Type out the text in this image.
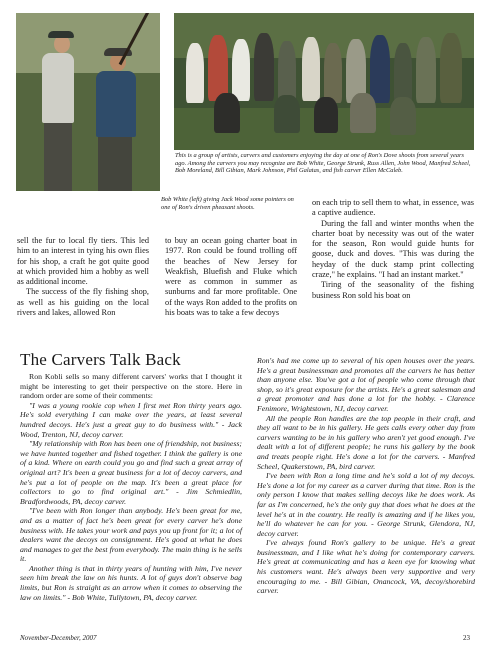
This is a group of artists, carvers and customers enjoying the day at one of Ron's Dove shoots from several years ago. Among the carvers you may recognize are Bob White, George Strunk, Russ Allen, John Wood, Manfred Scheel, Bob Moreland, Bill Gibian, Mark Johnson, Phil Galatas, and fish carver Ellen McCaleb.
Bob White (left) giving Jack Wood some pointers on one of Ron's driven pheasant shoots.

sell the fur to local fly tiers. This led him to an interest in tying his own flies for his shop, a craft he got quite good at which provided him a hobby as well as additional income.

The success of the fly fishing shop, as well as his guiding on the local rivers and lakes, allowed Ron

to buy an ocean going charter boat in 1977. Ron could be found trolling off the beaches of New Jersey for Weakfish, Bluefish and Fluke which were as common in summer as sunburns and far more profitable. One of the ways Ron added to the profits on his boats was to take a few decoys

on each trip to sell them to what, in essence, was a captive audience.

During the fall and winter months when the charter boat by necessity was out of the water for the season, Ron would guide hunts for goose, duck and doves. "This was during the heyday of the duck stamp print collecting craze," he explains. "I had an instant market."

Tiring of the seasonality of the fishing business Ron sold his boat on

The Carvers Talk Back

Ron Kobli sells so many different carvers' works that I thought it might be interesting to get their perspective on the store. Here in random order are some of their comments:

"I was a young rookie cop when I first met Ron thirty years ago. He's sold everything I can make over the years, at least several hundred decoys. He's just a great guy to do business with." - Jack Wood, Trenton, NJ, decoy carver.

"My relationship with Ron has been one of friendship, not business; we have hunted together and fished together. I think the gallery is one of a kind. Where on earth could you go and find such a great array of original art? It's been a great business for a lot of decoy carvers, and he's put a lot of people on the map. It's been a great place for collectors to go to find original art." - Jim Schmiedlin, Bradfordwoods, PA, decoy carver.

"I've been with Ron longer than anybody. He's been great for me, and as a matter of fact he's been great for every carver he's done business with. He takes your work and pays you up front for it; a lot of dealers want the decoys on consignment. He's good at what he does and manages to get the best from everybody. The main thing is he sells it.

Another thing is that in thirty years of hunting with him, I've never seen him break the law on his hunts. A lot of guys don't observe bag limits, but Ron is straight as an arrow when it comes to observing the law on limits." - Bob White, Tullytown, PA, decoy carver.

Ron's had me come up to several of his open houses over the years. He's a great businessman and promotes all the carvers he has better than anyone else. You've got a lot of people who come through that shop, so it's great exposure for the artists. He's a great salesman and a great promoter and has done a lot for the hobby. - Clarence Fenimore, Wrightstown, NJ, decoy carver.

All the people Ron handles are the top people in their craft, and they all want to be in his gallery. He gets calls every other day from carvers wanting to be in his gallery who aren't yet good enough. I've dealt with a lot of different people; he runs his gallery by the book and treats people right. He's done a lot for the carvers. - Manfred Scheel, Quakerstown, PA, bird carver.

I've been with Ron a long time and he's sold a lot of my decoys. He's done a lot for my career as a carver during that time. Ron is the only person I know that makes selling decoys like he does work. As far as I'm concerned, he's the only guy that does what he does at the level he's at in the country. He really is amazing and if he likes you, he'll do whatever he can for you. - George Strunk, Glendora, NJ, decoy carver.

I've always found Ron's gallery to be unique. He's a great businessman, and I like what he's doing for contemporary carvers. He's great at communicating and has a keen eye for knowing what his customers want. He's always been very supportive and very encouraging to me. - Bill Gibian, Onancock, VA, decoy/shorebird carver.

November-December, 2007	23
